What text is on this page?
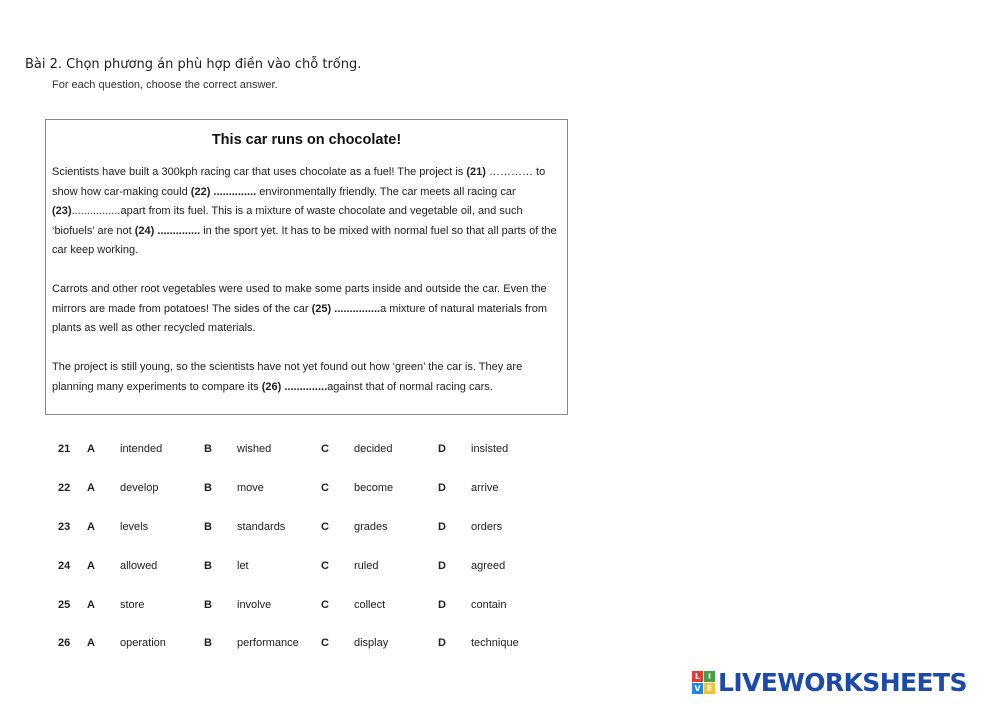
Bài 2. Chọn phương án phù hợp điền vào chỗ trống.
For each question, choose the correct answer.
This car runs on chocolate!
Scientists have built a 300kph racing car that uses chocolate as a fuel! The project is (21) ………… to show how car-making could (22) .............. environmentally friendly. The car meets all racing car (23)................apart from its fuel. This is a mixture of waste chocolate and vegetable oil, and such ‘biofuels’ are not (24) .............. in the sport yet. It has to be mixed with normal fuel so that all parts of the car keep working.
Carrots and other root vegetables were used to make some parts inside and outside the car. Even the mirrors are made from potatoes! The sides of the car (25) ...............a mixture of natural materials from plants as well as other recycled materials.
The project is still young, so the scientists have not yet found out how ‘green’ the car is. They are planning many experiments to compare its (26) ..............against that of normal racing cars.
21 A intended	B wished	C decided	D insisted
22 A develop	B move	C become	D arrive
23 A levels	B standards	C grades	D orders
24 A allowed	B let	C ruled	D agreed
25 A store	B involve	C collect	D contain
26 A operation	B performance C display	D technique
L I
V E LIVEWORKSHEETS
